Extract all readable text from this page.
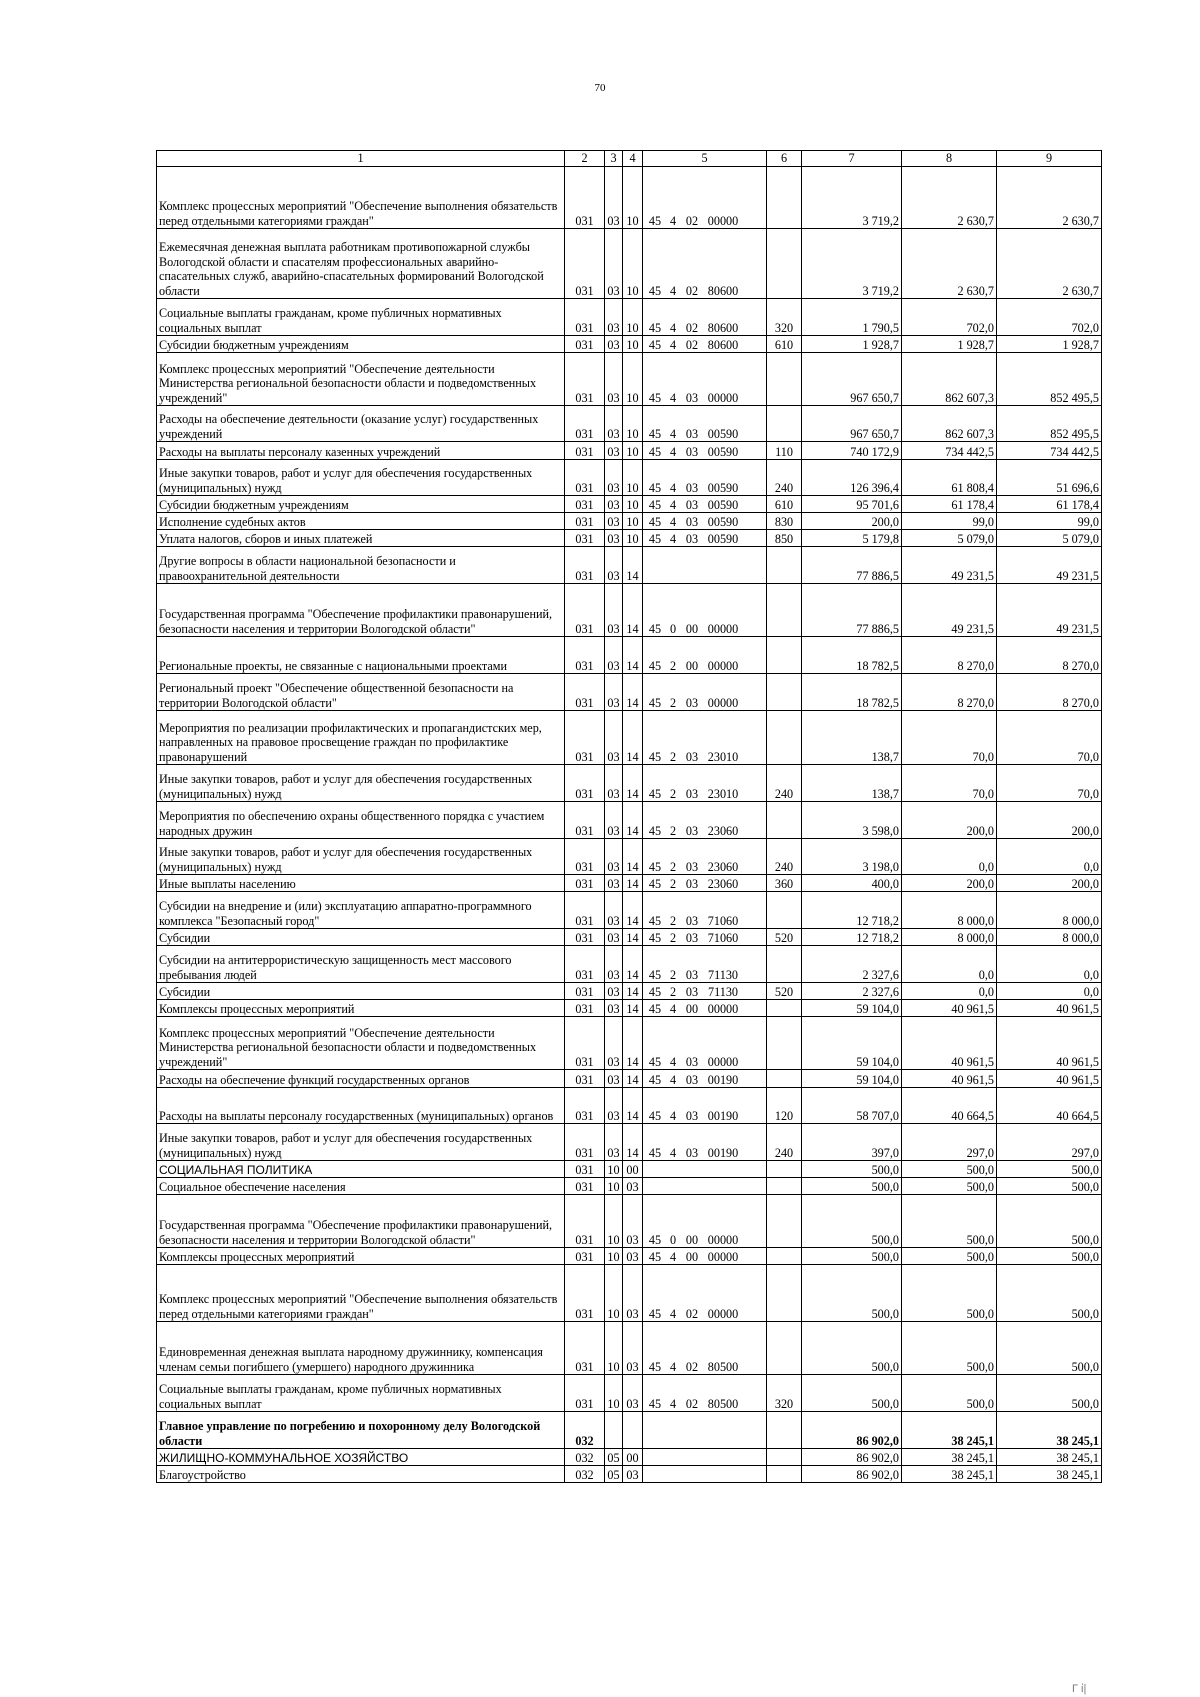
70
1	2	3	4	5	6	7	8	9
Комплекс процессных мероприятий "Обеспечение выполнения обязательств перед отдельными категориями граждан"	031	03	10	45 4 02 00000		3 719,2	2 630,7	2 630,7
Ежемесячная денежная выплата работникам противопожарной службы Вологодской области и спасателям профессиональных аварийно-спасательных служб, аварийно-спасательных формирований Вологодской области	031	03	10	45 4 02 80600		3 719,2	2 630,7	2 630,7
Социальные выплаты гражданам, кроме публичных нормативных социальных выплат	031	03	10	45 4 02 80600	320	1 790,5	702,0	702,0
Субсидии бюджетным учреждениям	031	03	10	45 4 02 80600	610	1 928,7	1 928,7	1 928,7
Комплекс процессных мероприятий "Обеспечение деятельности Министерства региональной безопасности области и подведомственных учреждений"	031	03	10	45 4 03 00000		967 650,7	862 607,3	852 495,5
Расходы на обеспечение деятельности (оказание услуг) государственных учреждений	031	03	10	45 4 03 00590		967 650,7	862 607,3	852 495,5
Расходы на выплаты персоналу казенных учреждений	031	03	10	45 4 03 00590	110	740 172,9	734 442,5	734 442,5
Иные закупки товаров, работ и услуг для обеспечения государственных (муниципальных) нужд	031	03	10	45 4 03 00590	240	126 396,4	61 808,4	51 696,6
Субсидии бюджетным учреждениям	031	03	10	45 4 03 00590	610	95 701,6	61 178,4	61 178,4
Исполнение судебных актов	031	03	10	45 4 03 00590	830	200,0	99,0	99,0
Уплата налогов, сборов и иных платежей	031	03	10	45 4 03 00590	850	5 179,8	5 079,0	5 079,0
Другие вопросы в области национальной безопасности и правоохранительной деятельности	031	03	14			77 886,5	49 231,5	49 231,5
Государственная программа "Обеспечение профилактики правонарушений, безопасности населения и территории Вологодской области"	031	03	14	45 0 00 00000		77 886,5	49 231,5	49 231,5
Региональные проекты, не связанные с национальными проектами	031	03	14	45 2 00 00000		18 782,5	8 270,0	8 270,0
Региональный проект "Обеспечение общественной безопасности на территории Вологодской области"	031	03	14	45 2 03 00000		18 782,5	8 270,0	8 270,0
Мероприятия по реализации профилактических и пропагандистских мер, направленных на правовое просвещение граждан по профилактике правонарушений	031	03	14	45 2 03 23010		138,7	70,0	70,0
Иные закупки товаров, работ и услуг для обеспечения государственных (муниципальных) нужд	031	03	14	45 2 03 23010	240	138,7	70,0	70,0
Мероприятия по обеспечению охраны общественного порядка с участием народных дружин	031	03	14	45 2 03 23060		3 598,0	200,0	200,0
Иные закупки товаров, работ и услуг для обеспечения государственных (муниципальных) нужд	031	03	14	45 2 03 23060	240	3 198,0	0,0	0,0
Иные выплаты населению	031	03	14	45 2 03 23060	360	400,0	200,0	200,0
Субсидии на внедрение и (или) эксплуатацию аппаратно-программного комплекса "Безопасный город"	031	03	14	45 2 03 71060		12 718,2	8 000,0	8 000,0
Субсидии	031	03	14	45 2 03 71060	520	12 718,2	8 000,0	8 000,0
Субсидии на антитеррористическую защищенность мест массового пребывания людей	031	03	14	45 2 03 71130		2 327,6	0,0	0,0
Субсидии	031	03	14	45 2 03 71130	520	2 327,6	0,0	0,0
Комплексы процессных мероприятий	031	03	14	45 4 00 00000		59 104,0	40 961,5	40 961,5
Комплекс процессных мероприятий "Обеспечение деятельности Министерства региональной безопасности области и подведомственных учреждений"	031	03	14	45 4 03 00000		59 104,0	40 961,5	40 961,5
Расходы на обеспечение функций государственных органов	031	03	14	45 4 03 00190		59 104,0	40 961,5	40 961,5
Расходы на выплаты персоналу государственных (муниципальных) органов	031	03	14	45 4 03 00190	120	58 707,0	40 664,5	40 664,5
Иные закупки товаров, работ и услуг для обеспечения государственных (муниципальных) нужд	031	03	14	45 4 03 00190	240	397,0	297,0	297,0
СОЦИАЛЬНАЯ ПОЛИТИКА	031	10	00			500,0	500,0	500,0
Социальное обеспечение населения	031	10	03			500,0	500,0	500,0
Государственная программа "Обеспечение профилактики правонарушений, безопасности населения и территории Вологодской области"	031	10	03	45 0 00 00000		500,0	500,0	500,0
Комплексы процессных мероприятий	031	10	03	45 4 00 00000		500,0	500,0	500,0
Комплекс процессных мероприятий "Обеспечение выполнения обязательств перед отдельными категориями граждан"	031	10	03	45 4 02 00000		500,0	500,0	500,0
Единовременная денежная выплата народному дружиннику, компенсация членам семьи погибшего (умершего) народного дружинника	031	10	03	45 4 02 80500		500,0	500,0	500,0
Социальные выплаты гражданам, кроме публичных нормативных социальных выплат	031	10	03	45 4 02 80500	320	500,0	500,0	500,0
Главное управление по погребению и похоронному делу Вологодской области	032					86 902,0	38 245,1	38 245,1
ЖИЛИЩНО-КОММУНАЛЬНОЕ ХОЗЯЙСТВО	032	05	00			86 902,0	38 245,1	38 245,1
Благоустройство	032	05	03			86 902,0	38 245,1	38 245,1
Г ί|
